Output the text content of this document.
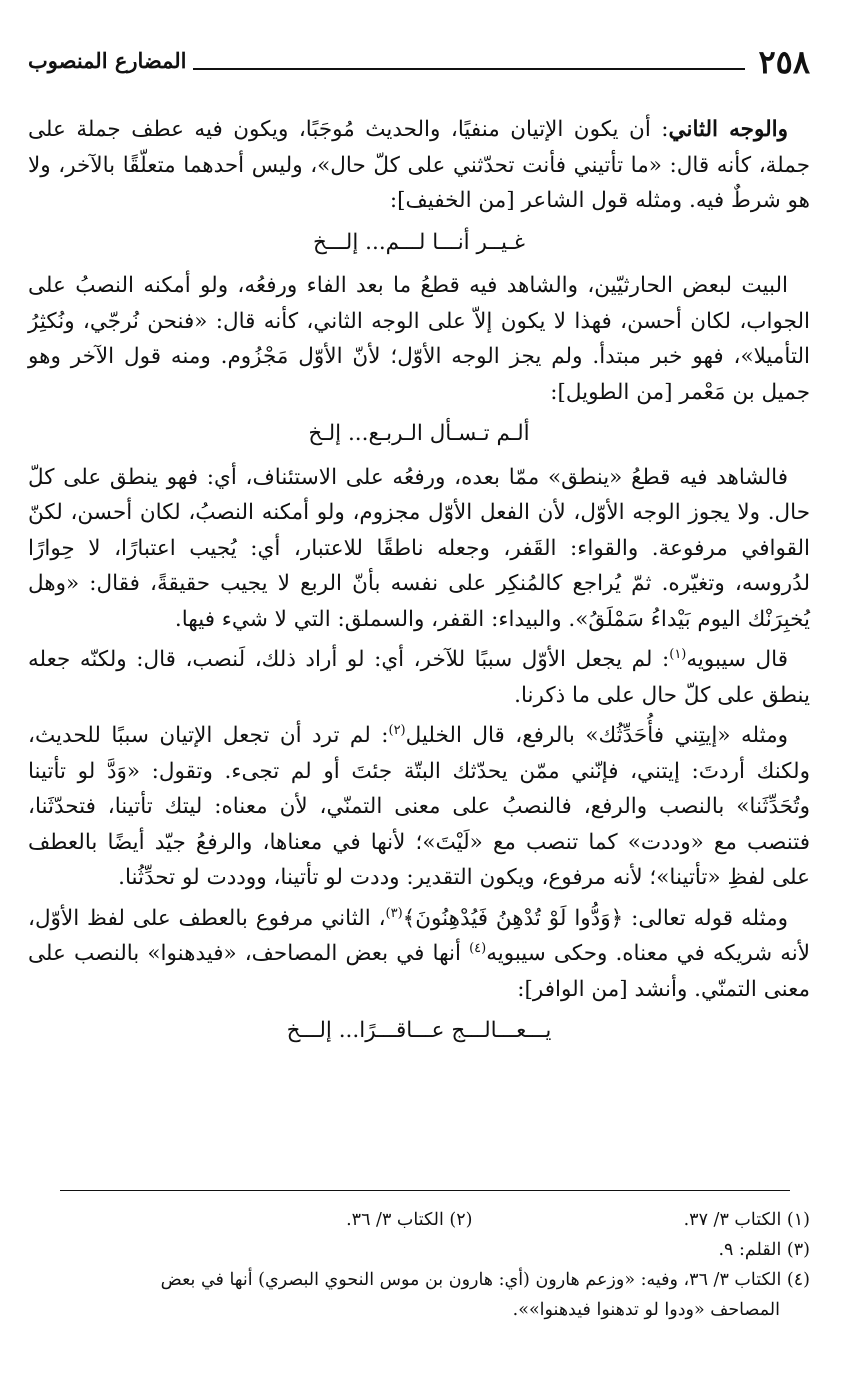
٢٥٨
المضارع المنصوب

والوجه الثاني: أن يكون الإتيان منفيًا، والحديث مُوجَبًا، ويكون فيه عطف جملة على جملة، كأنه قال: «ما تأتيني فأنت تحدّثني على كلّ حال»، وليس أحدهما متعلّقًا بالآخر، ولا هو شرطٌ فيه. ومثله قول الشاعر [من الخفيف]:

غـيــر أنـــا لـــم... إلـــخ

البيت لبعض الحارثيّين، والشاهد فيه قطعُ ما بعد الفاء ورفعُه، ولو أمكنه النصبُ على الجواب، لكان أحسن، فهذا لا يكون إلاّ على الوجه الثاني، كأنه قال: «فنحن نُرجّي، ونُكثِرُ التأميلا»، فهو خبر مبتدأ. ولم يجز الوجه الأوّل؛ لأنّ الأوّل مَجْزُوم. ومنه قول الآخر وهو جميل بن مَعْمر [من الطويل]:

ألـم تـسـأل الـربـع... إلـخ

فالشاهد فيه قطعُ «ينطق» ممّا بعده، ورفعُه على الاستئناف، أي: فهو ينطق على كلّ حال. ولا يجوز الوجه الأوّل، لأن الفعل الأوّل مجزوم، ولو أمكنه النصبُ، لكان أحسن، لكنّ القوافي مرفوعة. والقواء: القَفر، وجعله ناطقًا للاعتبار، أي: يُجيب اعتبارًا، لا حِوارًا لدُروسه، وتغيّره. ثمّ يُراجع كالمُنكِر على نفسه بأنّ الربع لا يجيب حقيقةً، فقال: «وهل يُخبِرَنْك اليوم بَيْداءُ سَمْلَقُ». والبيداء: القفر، والسملق: التي لا شيء فيها.

قال سيبويه$^{(١)}$: لم يجعل الأوّل سببًا للآخر، أي: لو أراد ذلك، لَنصب، قال: ولكنّه جعله ينطق على كلّ حال على ما ذكرنا.

ومثله «إيتِني فأُحَدِّثُك» بالرفع، قال الخليل$^{(٢)}$: لم ترد أن تجعل الإتيان سببًا للحديث، ولكنك أردتَ: إيتني، فإنّني ممّن يحدّثك البتّة جئتَ أو لم تجىء. وتقول: «وَدَّ لو تأتينا وتُحَدِّثَنا» بالنصب والرفع، فالنصبُ على معنى التمنّي، لأن معناه: ليتك تأتينا، فتحدّثَنا، فتنصب مع «وددت» كما تنصب مع «لَيْتَ»؛ لأنها في معناها، والرفعُ جيّد أيضًا بالعطف على لفظِ «تأتينا»؛ لأنه مرفوع، ويكون التقدير: وددت لو تأتينا، ووددت لو تحدِّثُنا.

ومثله قوله تعالى: ﴿وَدُّوا لَوْ تُدْهِنُ فَيُدْهِنُونَ﴾$^{(٣)}$، الثاني مرفوع بالعطف على لفظ الأوّل، لأنه شريكه في معناه. وحكى سيبويه$^{(٤)}$ أنها في بعض المصاحف، «فيدهنوا» بالنصب على معنى التمنّي. وأنشد [من الوافر]:

يـــعـــالـــج عـــاقـــرًا... إلـــخ

(١) الكتاب ٣/ ٣٧.

(٢) الكتاب ٣/ ٣٦.

(٣) القلم: ٩.

(٤) الكتاب ٣/ ٣٦، وفيه: «وزعم هارون (أي: هارون بن موس النحوي البصري) أنها في بعض

المصاحف «ودوا لو تدهنوا فيدهنوا»».
